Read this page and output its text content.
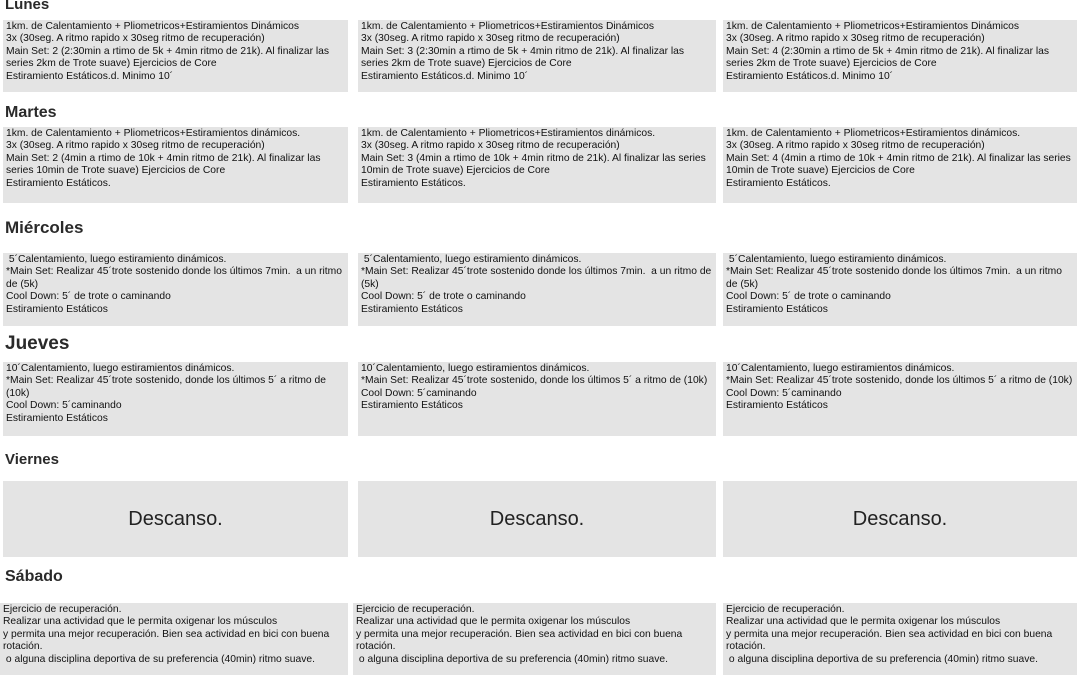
Lunes
1km. de Calentamiento + Pliometricos+Estiramientos Dinámicos
3x (30seg. A ritmo rapido x 30seg ritmo de recuperación)
Main Set: 2 (2:30min a rtimo de 5k + 4min ritmo de 21k). Al finalizar las series 2km de Trote suave) Ejercicios de Core
Estiramiento Estáticos.d. Minimo 10´
1km. de Calentamiento + Pliometricos+Estiramientos Dinámicos
3x (30seg. A ritmo rapido x 30seg ritmo de recuperación)
Main Set: 3 (2:30min a rtimo de 5k + 4min ritmo de 21k). Al finalizar las series 2km de Trote suave) Ejercicios de Core
Estiramiento Estáticos.d. Minimo 10´
1km. de Calentamiento + Pliometricos+Estiramientos Dinámicos
3x (30seg. A ritmo rapido x 30seg ritmo de recuperación)
Main Set: 4 (2:30min a rtimo de 5k + 4min ritmo de 21k). Al finalizar las series 2km de Trote suave) Ejercicios de Core
Estiramiento Estáticos.d. Minimo 10´
Martes
1km. de Calentamiento + Pliometricos+Estiramientos dinámicos.
3x (30seg. A ritmo rapido x 30seg ritmo de recuperación)
Main Set: 2 (4min a rtimo de 10k + 4min ritmo de 21k). Al finalizar las series 10min de Trote suave) Ejercicios de Core
Estiramiento Estáticos.
1km. de Calentamiento + Pliometricos+Estiramientos dinámicos.
3x (30seg. A ritmo rapido x 30seg ritmo de recuperación)
Main Set: 3 (4min a rtimo de 10k + 4min ritmo de 21k). Al finalizar las series 10min de Trote suave) Ejercicios de Core
Estiramiento Estáticos.
1km. de Calentamiento + Pliometricos+Estiramientos dinámicos.
3x (30seg. A ritmo rapido x 30seg ritmo de recuperación)
Main Set: 4 (4min a rtimo de 10k + 4min ritmo de 21k). Al finalizar las series 10min de Trote suave) Ejercicios de Core
Estiramiento Estáticos.
Miércoles
5´Calentamiento, luego estiramiento dinámicos.
*Main Set: Realizar 45´trote sostenido donde los últimos 7min.  a un ritmo de (5k)
Cool Down: 5´ de trote o caminando
Estiramiento Estáticos
5´Calentamiento, luego estiramiento dinámicos.
*Main Set: Realizar 45´trote sostenido donde los últimos 7min.  a un ritmo de (5k)
Cool Down: 5´ de trote o caminando
Estiramiento Estáticos
5´Calentamiento, luego estiramiento dinámicos.
*Main Set: Realizar 45´trote sostenido donde los últimos 7min.  a un ritmo de (5k)
Cool Down: 5´ de trote o caminando
Estiramiento Estáticos
Jueves
10´Calentamiento, luego estiramientos dinámicos.
*Main Set: Realizar 45´trote sostenido, donde los últimos 5´ a ritmo de (10k)
Cool Down: 5´caminando
Estiramiento Estáticos
10´Calentamiento, luego estiramientos dinámicos.
*Main Set: Realizar 45´trote sostenido, donde los últimos 5´ a ritmo de (10k)
Cool Down: 5´caminando
Estiramiento Estáticos
10´Calentamiento, luego estiramientos dinámicos.
*Main Set: Realizar 45´trote sostenido, donde los últimos 5´ a ritmo de (10k)
Cool Down: 5´caminando
Estiramiento Estáticos
Viernes
Descanso.	Descanso.	Descanso.
Sábado
Ejercicio de recuperación.
Realizar una actividad que le permita oxigenar los músculos
y permita una mejor recuperación. Bien sea actividad en bici con buena rotación.
o alguna disciplina deportiva de su preferencia (40min) ritmo suave.
Ejercicio de recuperación.
Realizar una actividad que le permita oxigenar los músculos
y permita una mejor recuperación. Bien sea actividad en bici con buena rotación.
o alguna disciplina deportiva de su preferencia (40min) ritmo suave.
Ejercicio de recuperación.
Realizar una actividad que le permita oxigenar los músculos
y permita una mejor recuperación. Bien sea actividad en bici con buena rotación.
o alguna disciplina deportiva de su preferencia (40min) ritmo suave.
